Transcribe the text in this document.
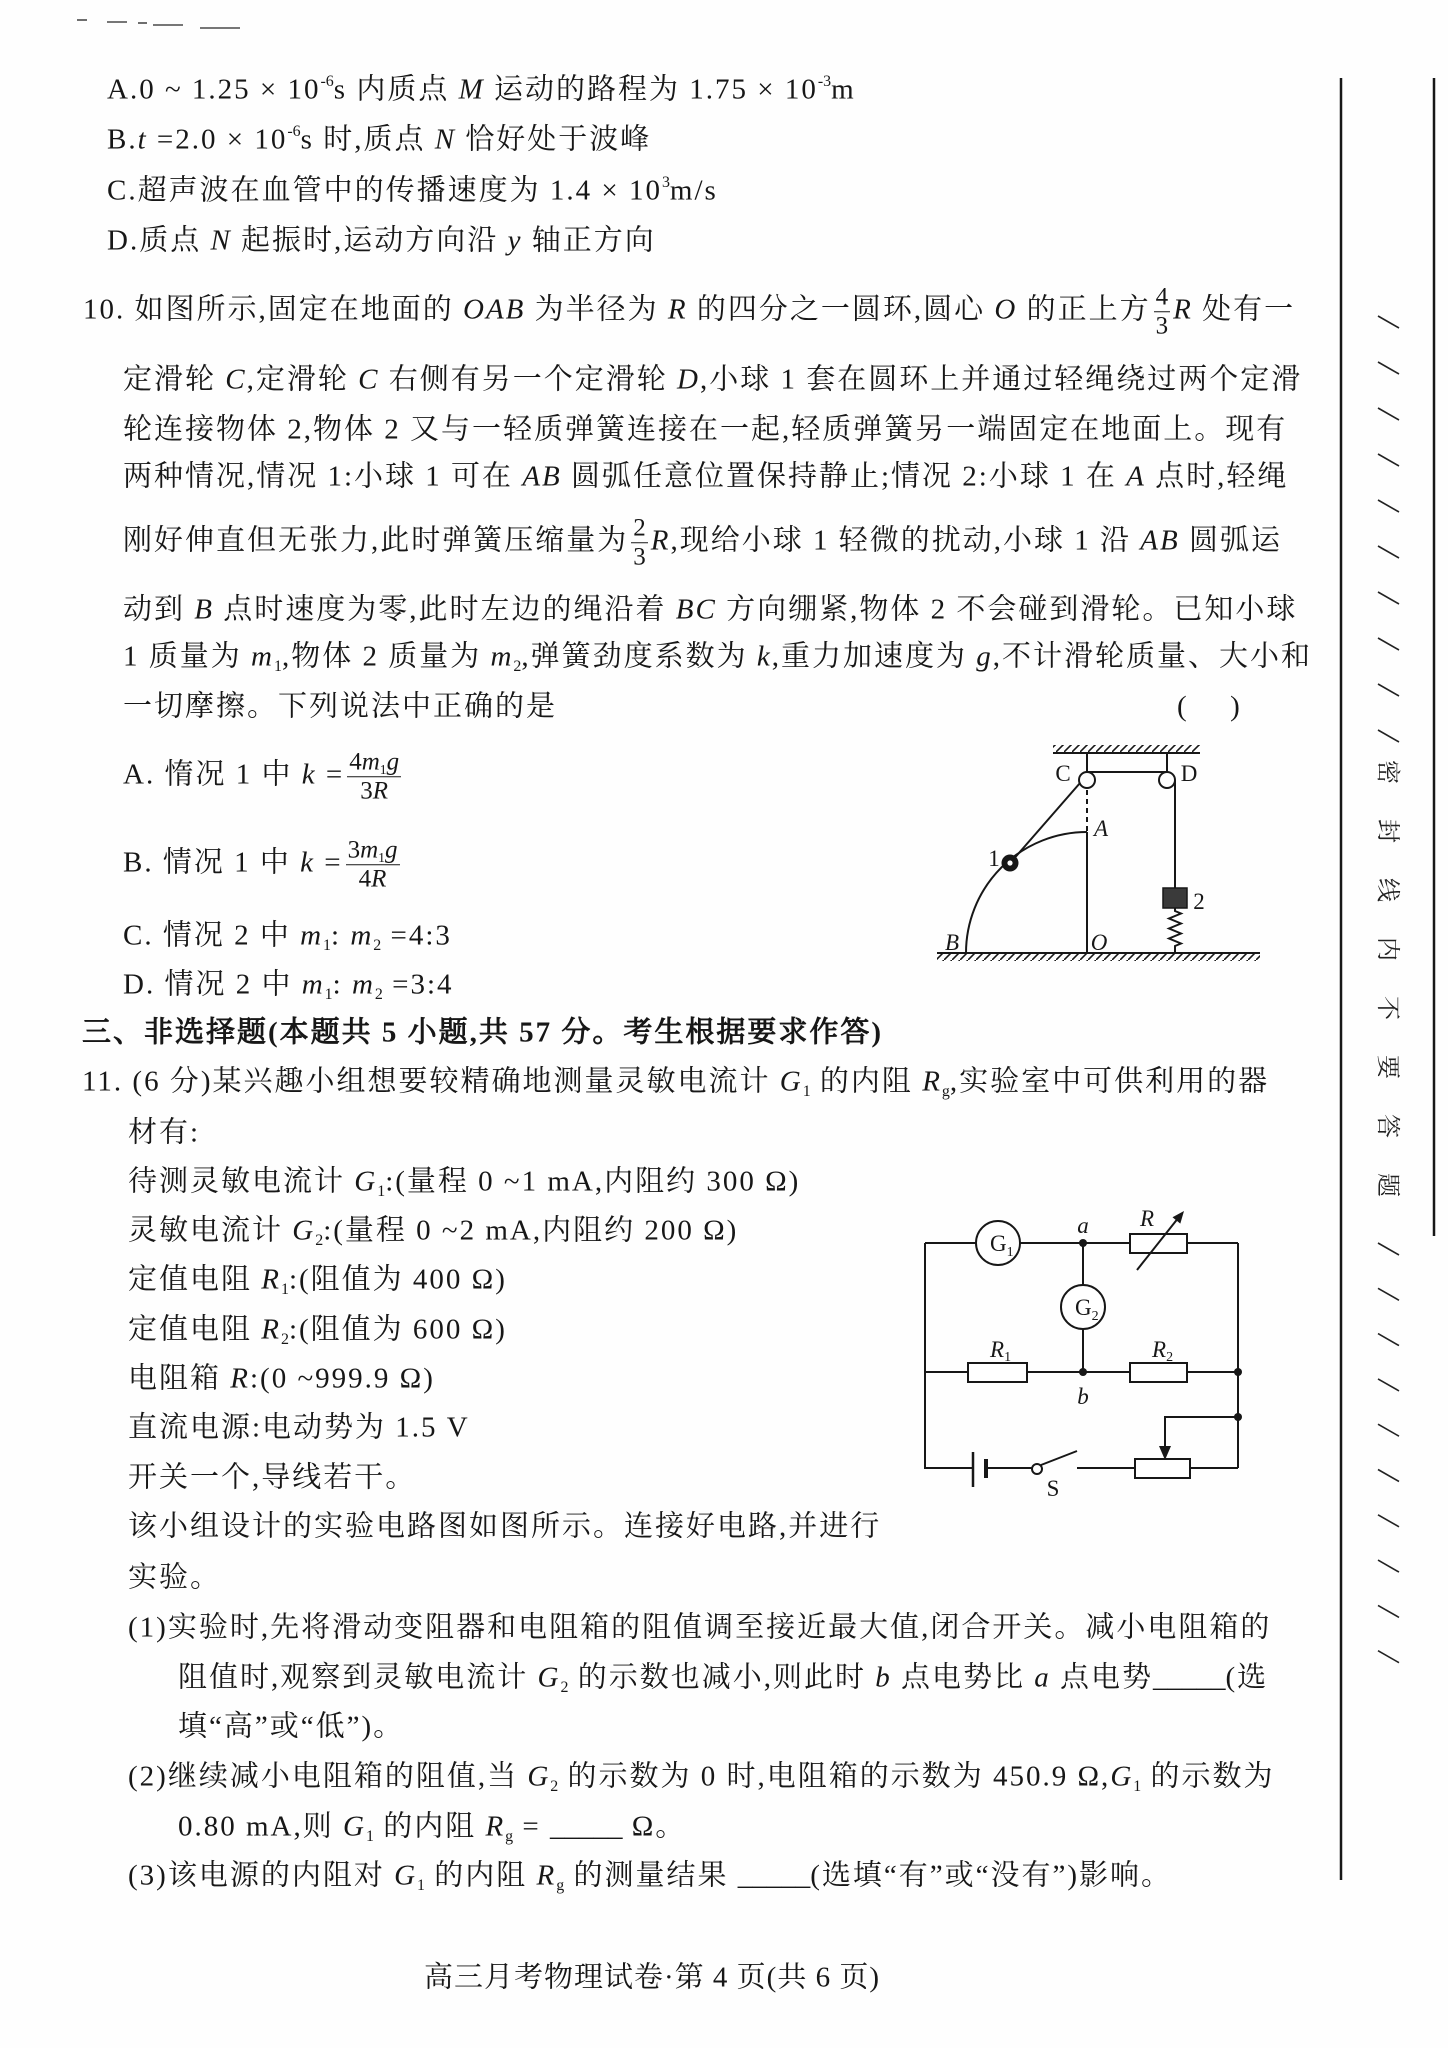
A.0 ~ $1.25 \times 10^{-6}s$ 内质点 M 运动的路程为 $1.75 \times 10^{-3}m$
$B.t =2.0 \times 10^{-6}s$ 时,质点 N 恰好处于波峰
C.超声波在血管中的传播速度为 $1.4 \times 10^3m/s$
D.质点 N 起振时,运动方向沿 y 轴正方向
10. 如图所示,固定在地面的 OAB 为半径为 R 的四分之一圆环,圆心 O 的正上方 $\frac{4}{3}$ R 处有一
定滑轮 C,定滑轮 C 右侧有另一个定滑轮 D,小球 1 套在圆环上并通过轻绳绕过两个定滑
轮连接物体 2,物体 2 又与一轻质弹簧连接在一起,轻质弹簧另一端固定在地面上。现有
两种情况,情况 1:小球 1 可在 AB 圆弧任意位置保持静止;情况 2:小球 1 在 A 点时,轻绳
刚好伸直但无张力,此时弹簧压缩量为 $\frac{2}{3} R$,现给小球 1 轻微的扰动,小球 1 沿 AB 圆弧运
动到 B 点时速度为零,此时左边的绳沿着 BC 方向绷紧,物体 2 不会碰到滑轮。已知小球
1 质量为 $m_1$,物体 2 质量为 $m_2$,弹簧劲度系数为 k,重力加速度为 g,不计滑轮质量、大小和
一切摩擦。下列说法中正确的是	(      )
A. 惰况 1 中 $k = \frac{4m_1g}{3R}$
B. 情况 1 中 $k = \frac{3m_1g}{4R}$
C. 情况 2 中 $m_1$: $m_2$ =4:3
D. 情况 2 中 $m_1$: $m_2$ =3:4
C	D
A
1
2
O
B
三、非选择题(本题共 5 小题,共 57 分。考生根据要求作答)
11. (6 分)某兴趣小组想要较精确地测量灵敏电流计 $G_1$ 的内阻 $R_g$,实验室中可供利用的器
材有:
待测灵敏电流计 $G_1$:(量程 0 ~1 mA,内阻约 300 Ω)
灵敏电流计 $G_2$:(量程 0 ~2 mA,内阻约 200 Ω)
定值电阻 $R_1$:(阻值为 400 Ω)
定值电阻 $R_2$:(阻值为 600 Ω)
电阻箱 R:(0 ~999.9 Ω)
直流电源:电动势为 1.5 V
开关一个,导线若干。
该小组设计的实验电路图如图所示。连接好电路,并进行
实验。
(1)实验时,先将滑动变阻器和电阻箱的阻值调至接近最大值,闭合开关。减小电阻箱的
阻值时,观察到灵敏电流计 $G_2$ 的示数也减小,则此时 b 点电势比 a 点电势_____(选
填“高”或“低”)。
(2)继续减小电阻箱的阻值,当 $G_2$ 的示数为 0 时,电阻箱的示数为 450.9 $\Omega,G_1$ 的示数为
0.80 mA,则 $G_1$ 的内阻 $R_g$ = _____ Ω。
(3)该电源的内阻对 $G_1$ 的内阻 $R_g$ 的测量结果 _____(选填“有”或“没有”)影响。
$G_1$
$G_2$
a R
R1	R2
b
S
高三月考物理试卷·第 4 页(共 6 页)
密封线内不要答题
